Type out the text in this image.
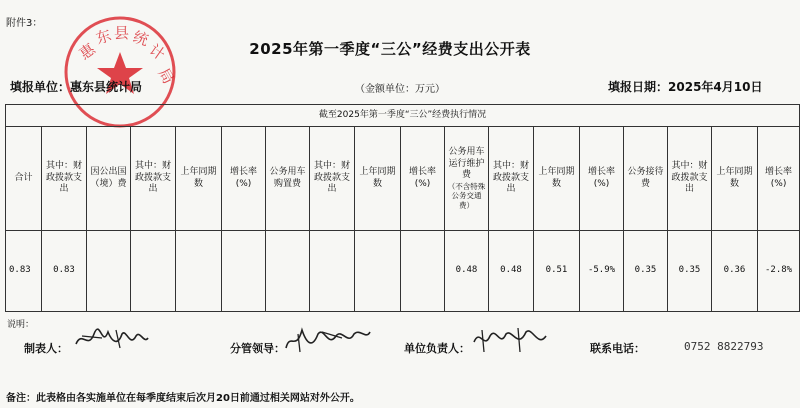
附件3：
惠
东 县 统
计
局
2025年第一季度“三公”经费支出公开表
填报单位：惠东县统计局	（金额单位：万元）	填报日期：2025年4月10日
截至2025年第一季度“三公”经费执行情况																	
合计	其中：财政拨款支出	因公出国（境）费	其中：财政拨款支出	上年同期数	增长率(%)	公务用车购置费	其中：财政拨款支出	上年同期数	增长率(%)	公务用车运行维护费
（不含特殊公务交通费）	其中：财政拨款支出	上年同期数	增长率(%)	公务接待费	其中：财政拨款支出	上年同期数	增长率(%)
0.83	0.83									0.48	0.48	0.51	-5.9%	0.35	0.35	0.36	-2.8%
说明：
制表人：	分管领导：	单位负责人：	联系电话：	0752 8822793
备注：此表格由各实施单位在每季度结束后次月20日前通过相关网站对外公开。
